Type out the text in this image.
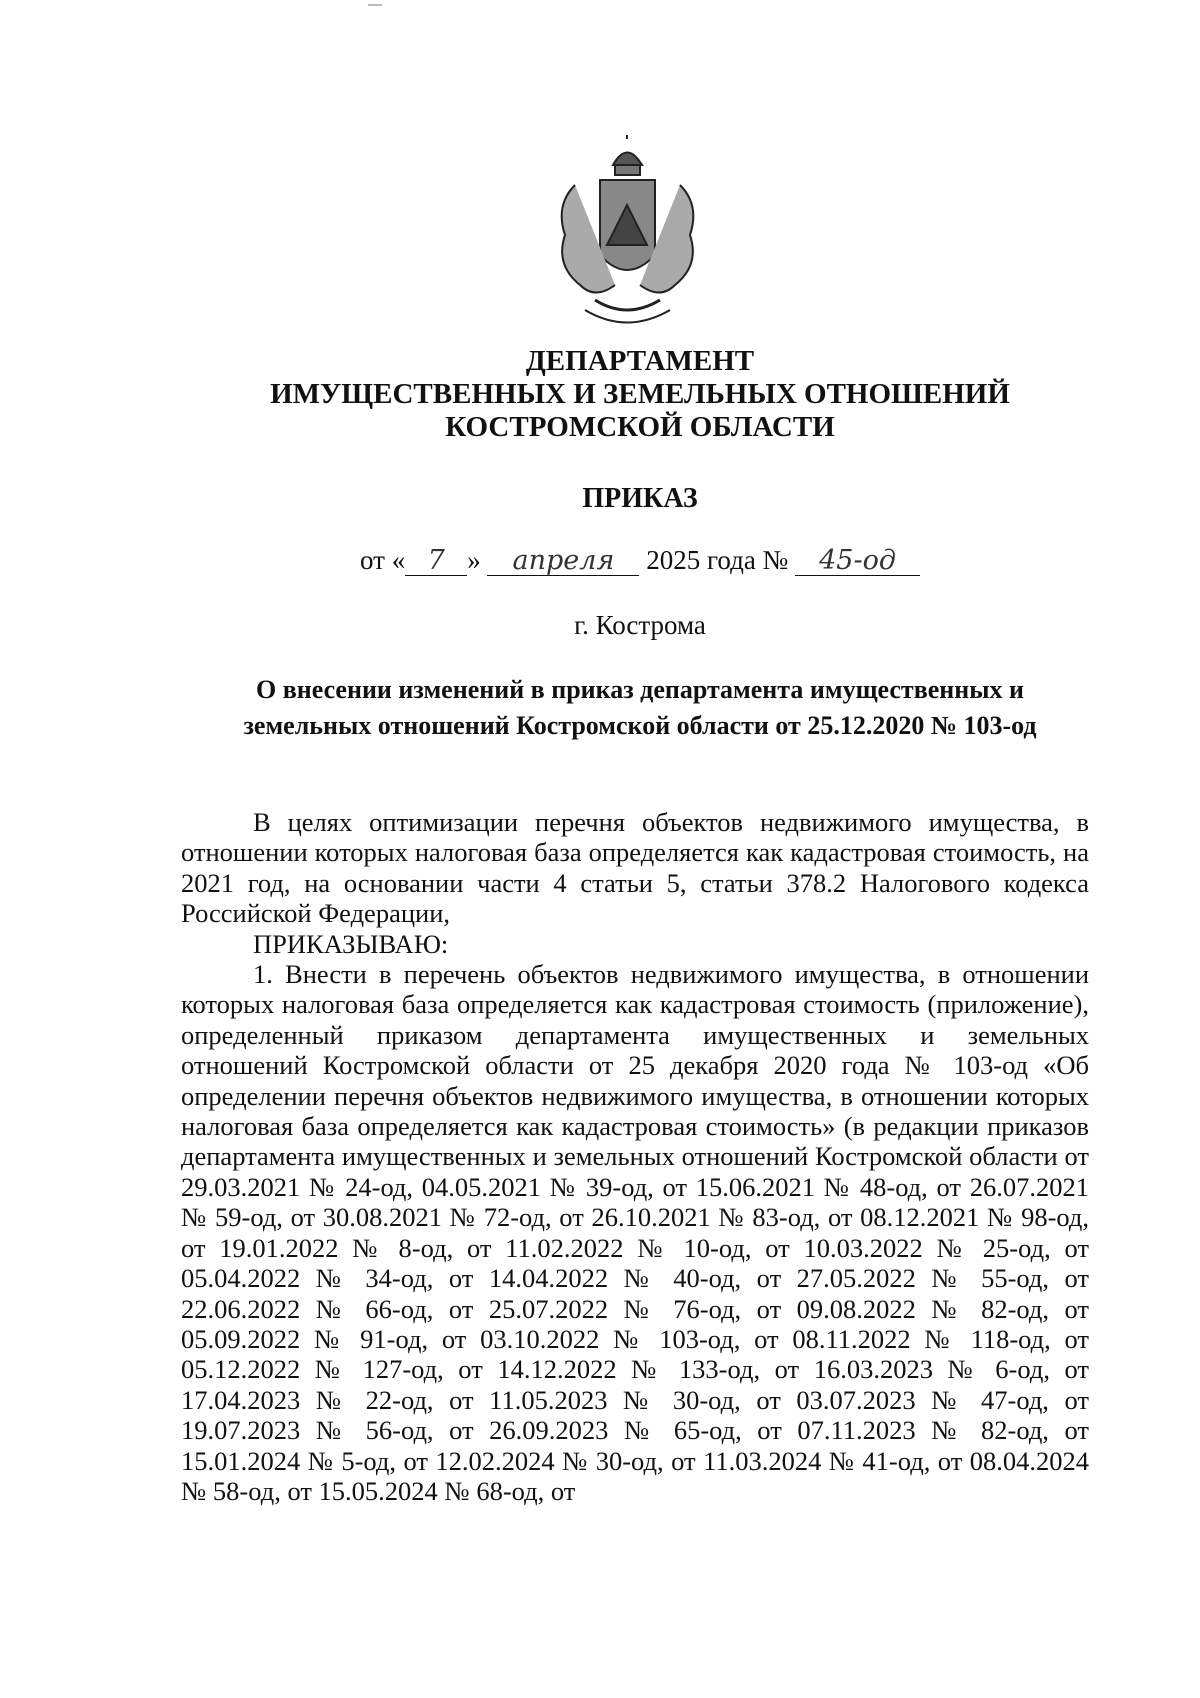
ДЕПАРТАМЕНТ
ИМУЩЕСТВЕННЫХ И ЗЕМЕЛЬНЫХ ОТНОШЕНИЙ
КОСТРОМСКОЙ ОБЛАСТИ
ПРИКАЗ
от « 7 » апреля 2025 года № 45-од
г. Кострома
О внесении изменений в приказ департамента имущественных и
земельных отношений Костромской области от 25.12.2020 № 103-од

В целях оптимизации перечня объектов недвижимого имущества, в отношении которых налоговая база определяется как кадастровая стоимость, на 2021 год, на основании части 4 статьи 5, статьи 378.2 Налогового кодекса Российской Федерации,

ПРИКАЗЫВАЮ:

1. Внести в перечень объектов недвижимого имущества, в отношении которых налоговая база определяется как кадастровая стоимость (приложение), определенный приказом департамента имущественных и земельных отношений Костромской области от 25 декабря 2020 года № 103-од «Об определении перечня объектов недвижимого имущества, в отношении которых налоговая база определяется как кадастровая стоимость» (в редакции приказов департамента имущественных и земельных отношений Костромской области от 29.03.2021 № 24-од, 04.05.2021 № 39-од, от 15.06.2021 № 48-од, от 26.07.2021 № 59-од, от 30.08.2021 № 72-од, от 26.10.2021 № 83-од, от 08.12.2021 № 98-од, от 19.01.2022 № 8-од, от 11.02.2022 № 10-од, от 10.03.2022 № 25-од, от 05.04.2022 № 34-од, от 14.04.2022 № 40-од, от 27.05.2022 № 55-од, от 22.06.2022 № 66-од, от 25.07.2022 № 76-од, от 09.08.2022 № 82-од, от 05.09.2022 № 91-од, от 03.10.2022 № 103-од, от 08.11.2022 № 118-од, от 05.12.2022 № 127-од, от 14.12.2022 № 133-од, от 16.03.2023 № 6-од, от 17.04.2023 № 22-од, от 11.05.2023 № 30-од, от 03.07.2023 № 47-од, от 19.07.2023 № 56-од, от 26.09.2023 № 65-од, от 07.11.2023 № 82-од, от 15.01.2024 № 5-од, от 12.02.2024 № 30-од, от 11.03.2024 № 41-од, от 08.04.2024 № 58-од, от 15.05.2024 № 68-од, от
